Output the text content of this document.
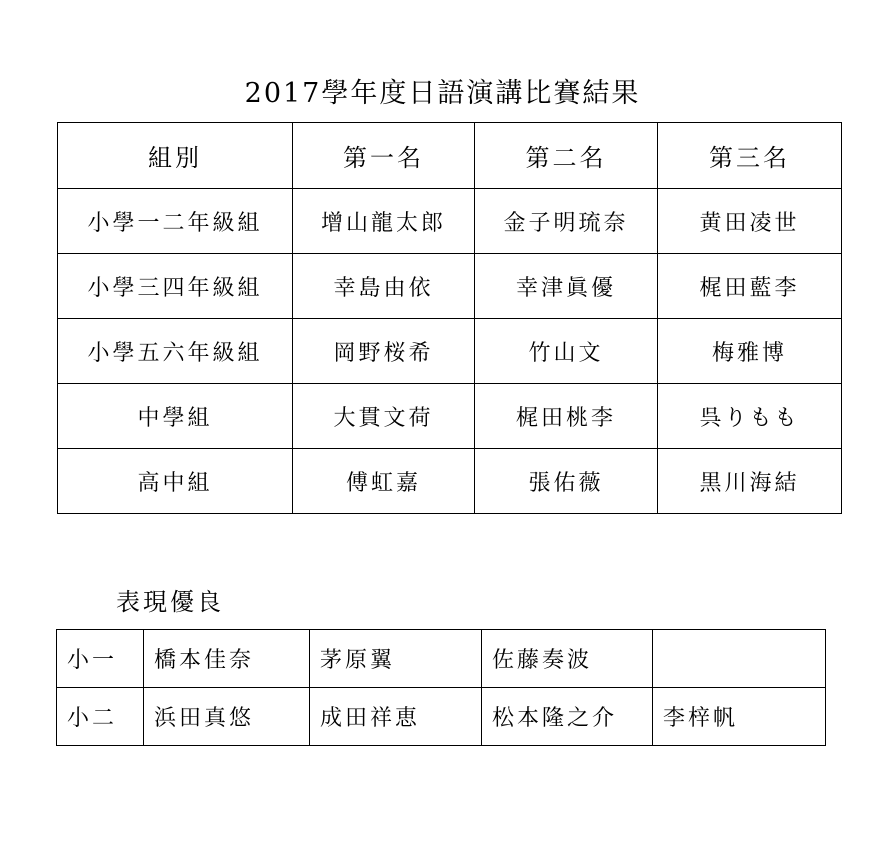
2017學年度日語演講比賽結果
組別	第一名	第二名	第三名
小學一二年級組	增山龍太郎	金子明琉奈	黄田凌世
小學三四年級組	幸島由依	幸津眞優	梶田藍李
小學五六年級組	岡野桜希	竹山文	梅雅博
中學組	大貫文荷	梶田桃李	呉りもも
高中組	傅虹嘉	張佑薇	黒川海結
表現優良
小一	橋本佳奈	茅原翼	佐藤奏波	
小二	浜田真悠	成田祥恵	松本隆之介	李梓帆
